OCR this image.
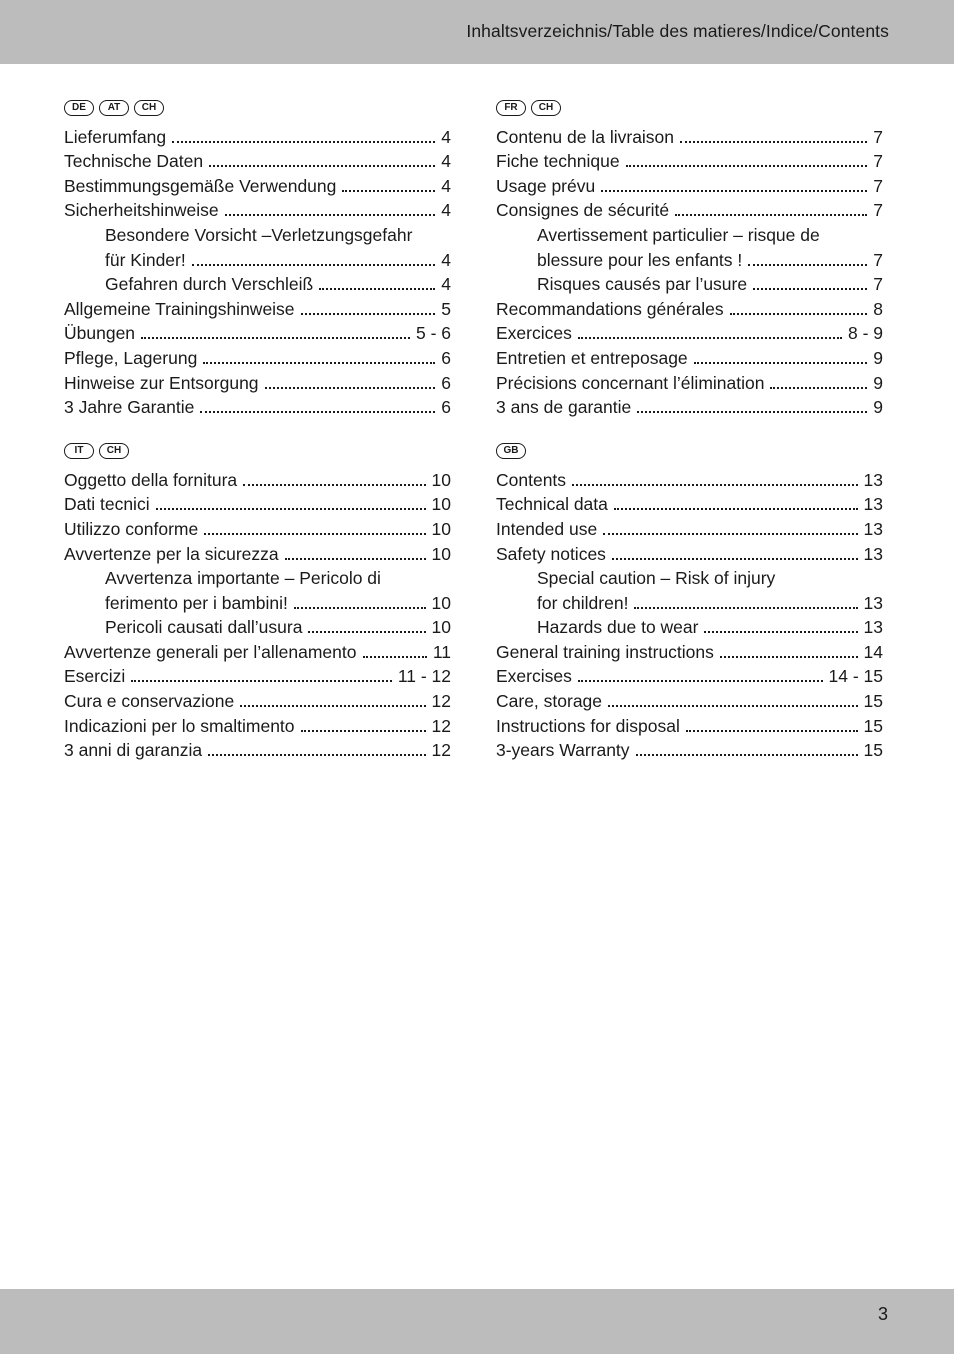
Inhaltsverzeichnis/Table des matieres/Indice/Contents
DE	AT	CH
Lieferumfang	4
Technische Daten	4
Bestimmungsgemäße Verwendung	4
Sicherheitshinweise	4
Besondere Vorsicht –Verletzungsgefahr
für Kinder!	4
Gefahren durch Verschleiß	4
Allgemeine Trainingshinweise	5
Übungen	5 - 6
Pflege, Lagerung	6
Hinweise zur Entsorgung	6
3 Jahre Garantie	6
IT	CH
Oggetto della fornitura	10
Dati tecnici	10
Utilizzo conforme	10
Avvertenze per la sicurezza	10
Avvertenza importante – Pericolo di
ferimento per i bambini!	10
Pericoli causati dall’usura	10
Avvertenze generali per l’allenamento	11
Esercizi	11 - 12
Cura e conservazione	12
Indicazioni per lo smaltimento	12
3 anni di garanzia	12
FR	CH
Contenu de la livraison	7
Fiche technique	7
Usage prévu	7
Consignes de sécurité	7
Avertissement particulier – risque de
blessure pour les enfants !	7
Risques causés par l’usure	7
Recommandations générales	8
Exercices	8 - 9
Entretien et entreposage	9
Précisions concernant l’élimination	9
3 ans de garantie	9
GB
Contents	13
Technical data	13
Intended use	13
Safety notices	13
Special caution – Risk of injury
for children!	13
Hazards due to wear	13
General training instructions	14
Exercises	14 - 15
Care, storage	15
Instructions for disposal	15
3-years Warranty	15
3
